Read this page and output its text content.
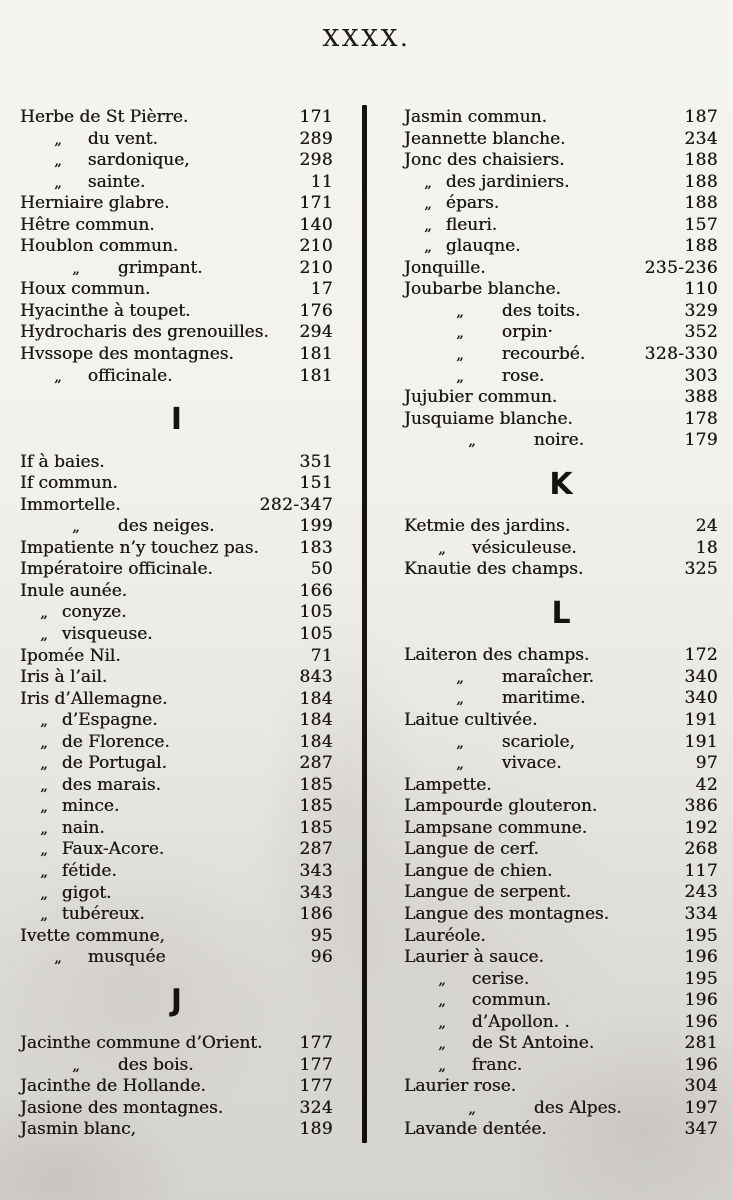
XXXX.
Herbe de St Pièrre.	171
„ du vent.	289
„ sardonique,	298
„ sainte.	11
Herniaire glabre.	171
Hêtre commun.	140
Houblon commun.	210
„ grimpant.	210
Houx commun.	17
Hyacinthe à toupet.	176
Hydrocharis des grenouilles. 294
Hvssope des montagnes.	181
„ officinale.	181
I
If à baies.	351
If commun.	151
Immortelle.	282-347
„ des neiges.	199
Impatiente n’y touchez pas. 183
Impératoire officinale.	50
Inule aunée.	166
„ conyze.	105
„ visqueuse.	105
Ipomée Nil.	71
Iris à l’ail.	843
Iris d’Allemagne.	184
„ d’Espagne.	184
„ de Florence.	184
„ de Portugal.	287
„ des marais.	185
„ mince.	185
„ nain.	185
„ Faux-Acore.	287
„ fétide.	343
„ gigot.	343
„ tubéreux.	186
Ivette commune,	95
„ musquée	96
J
Jacinthe commune d’Orient. 177
„ des bois.	177
Jacinthe de Hollande.	177
Jasione des montagnes.	324
Jasmin blanc,	189
Jasmin commun.	187
Jeannette blanche.	234
Jonc des chaisiers.	188
„ des jardiniers.	188
„ épars.	188
„ fleuri.	157
„ glauqne.	188
Jonquille.	235-236
Joubarbe blanche.	110
„ des toits.	329
„ orpin·	352
„ recourbé.	328-330
„ rose.	303
Jujubier commun.	388
Jusquiame blanche.	178
„	noire.	179
K
Ketmie des jardins.	24
„ vésiculeuse.	18
Knautie des champs.	325
L
Laiteron des champs.	172
„ maraîcher.	340
„ maritime.	340
Laitue cultivée.	191
„ scariole,	191
„ vivace.	97
Lampette.	42
Lampourde glouteron.	386
Lampsane commune.	192
Langue de cerf.	268
Langue de chien.	117
Langue de serpent.	243
Langue des montagnes.	334
Lauréole.	195
Laurier à sauce.	196
„ cerise.	195
„ commun.	196
„ d’Apollon. .	196
„ de St Antoine.	281
„ franc.	196
Laurier rose.	304
„	des Alpes.	197
Lavande dentée.	347
